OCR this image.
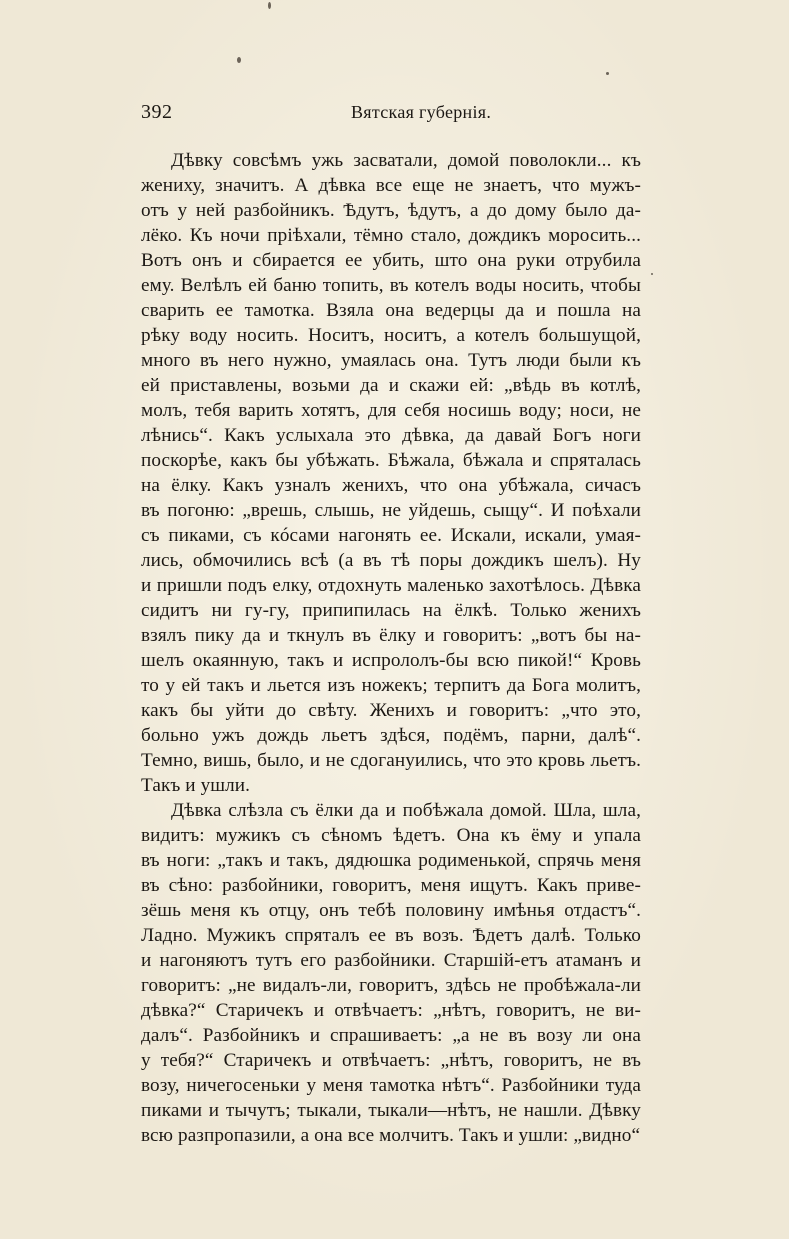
392	Вятская губернія.
Дѣвку совсѣмъ ужь засватали, домой поволокли... къ
жениху, значитъ. А дѣвка все еще не знаетъ, что мужъ-
отъ у ней разбойникъ. Ѣдутъ, ѣдутъ, а до дому было да-
лёко. Къ ночи пріѣхали, тёмно стало, дождикъ моросить...
Вотъ онъ и сбирается ее убить, што она руки отрубила
ему. Велѣлъ ей баню топить, въ котелъ воды носить, чтобы
сварить ее тамотка. Взяла она ведерцы да и пошла на
рѣку воду носить. Носитъ, носитъ, а котелъ большущой,
много въ него нужно, умаялась она. Тутъ люди были къ
ей приставлены, возьми да и скажи ей: „вѣдь въ котлѣ,
молъ, тебя варить хотятъ, для себя носишь воду; носи, не
лѣнись“. Какъ услыхала это дѣвка, да давай Богъ ноги
поскорѣе, какъ бы убѣжать. Бѣжала, бѣжала и спряталась
на ёлку. Какъ узналъ женихъ, что она убѣжала, сичасъ
въ погоню: „врешь, слышь, не уйдешь, сыщу“. И поѣхали
съ пиками, съ кóсами нагонять ее. Искали, искали, умая-
лись, обмочились всѣ (а въ тѣ поры дождикъ шелъ). Ну
и пришли подъ елку, отдохнуть маленько захотѣлось. Дѣвка
сидитъ ни гу-гу, припипилась на ёлкѣ. Только женихъ
взялъ пику да и ткнулъ въ ёлку и говоритъ: „вотъ бы на-
шелъ окаянную, такъ и испрололъ-бы всю пикой!“ Кровь
то у ей такъ и льется изъ ножекъ; терпитъ да Бога молитъ,
какъ бы уйти до свѣту. Женихъ и говоритъ: „что это,
больно ужъ дождь льетъ здѣся, подёмъ, парни, далѣ“.
Темно, вишь, было, и не сдогануились, что это кровь льетъ.
Такъ и ушли.
Дѣвка слѣзла съ ёлки да и побѣжала домой. Шла, шла,
видитъ: мужикъ съ сѣномъ ѣдетъ. Она къ ёму и упала
въ ноги: „такъ и такъ, дядюшка родименькой, спрячь меня
въ сѣно: разбойники, говоритъ, меня ищутъ. Какъ приве-
зёшь меня къ отцу, онъ тебѣ половину имѣнья отдастъ“.
Ладно. Мужикъ спряталъ ее въ возъ. Ѣдетъ далѣ. Только
и нагоняютъ тутъ его разбойники. Старшій-етъ атаманъ и
говоритъ: „не видалъ-ли, говоритъ, здѣсь не пробѣжала-ли
дѣвка?“ Старичекъ и отвѣчаетъ: „нѣтъ, говоритъ, не ви-
далъ“. Разбойникъ и спрашиваетъ: „а не въ возу ли она
у тебя?“ Старичекъ и отвѣчаетъ: „нѣтъ, говоритъ, не въ
возу, ничегосеньки у меня тамотка нѣтъ“. Разбойники туда
пиками и тычутъ; тыкали, тыкали—нѣтъ, не нашли. Дѣвку
всю разпропазили, а она все молчитъ. Такъ и ушли: „видно“
